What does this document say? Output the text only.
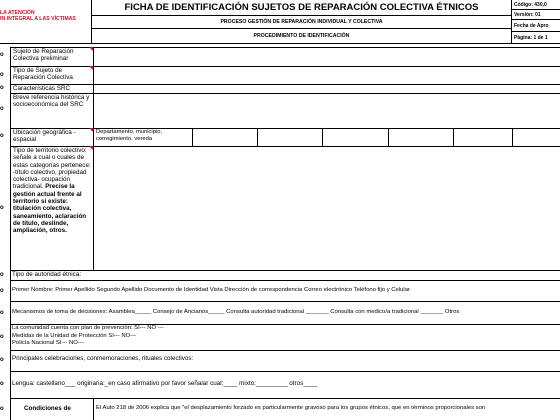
LA ATENCIÓN
IN INTEGRAL A LAS VÍCTIMAS
FICHA DE IDENTIFICACIÓN SUJETOS DE REPARACIÓN COLECTIVA ÉTNICOS
PROCESO GESTIÓN DE REPARACIÓN INDIVIDUAL Y COLECTIVA
PROCEDIMIENTO DE IDENTIFICACIÓN
Código: 430,0
Versión: 01
Fecha de Apro
Página: 1 de 1
o
o
o
o
o
o
o
o
o
o
o
o
o
Sujeto de Reparación Colectiva preliminar
Tipo de Sujeto de Reparación Colectiva
Características SRC
Breve referencia histórica y socioeconómica del SRC
Ubicación geográfica - espacial
Departamento, municipio, corregimiento, vereda
Tipo de territorio colectivo: señale a cual o cuales de estas categorías pertenece: -título colectivo, propiedad colectiva- ocupación tradicional. Precise la gestión actual frente al territorio si existe: titulación colectiva, saneamiento, aclaración de título, deslinde, ampliación, otros.
Tipo de autoridad étnica:
Primer Nombre: Primer Apellido Segundo Apellido Documento de Identidad Vista Dirección de correspondencia Correo electrónico Teléfono fijo y Celular
Mecanismos de toma de decisiones: Asamblea_____ Consejo de Ancianos_____ Consulta autoridad tradicional _______ Consulta con medico/a tradicional _______ Otros
La comunidad cuenta con plan de prevención: SI--- NO ---
Medidas de la Unidad de Protección SI--- NO---
Policía Nacional SI--- NO---
Principales celebraciones, conmemoraciones, rituales colectivos:
Lengua: castellano___ originaria:_en caso afirmativo por favor señalar cual:____ mixto:_________ otros____
Condiciones de	El Auto 218 de 2006 explica que "el desplazamiento forzado es particularmente gravoso para los grupos étnicos, que en términos proporcionales son
